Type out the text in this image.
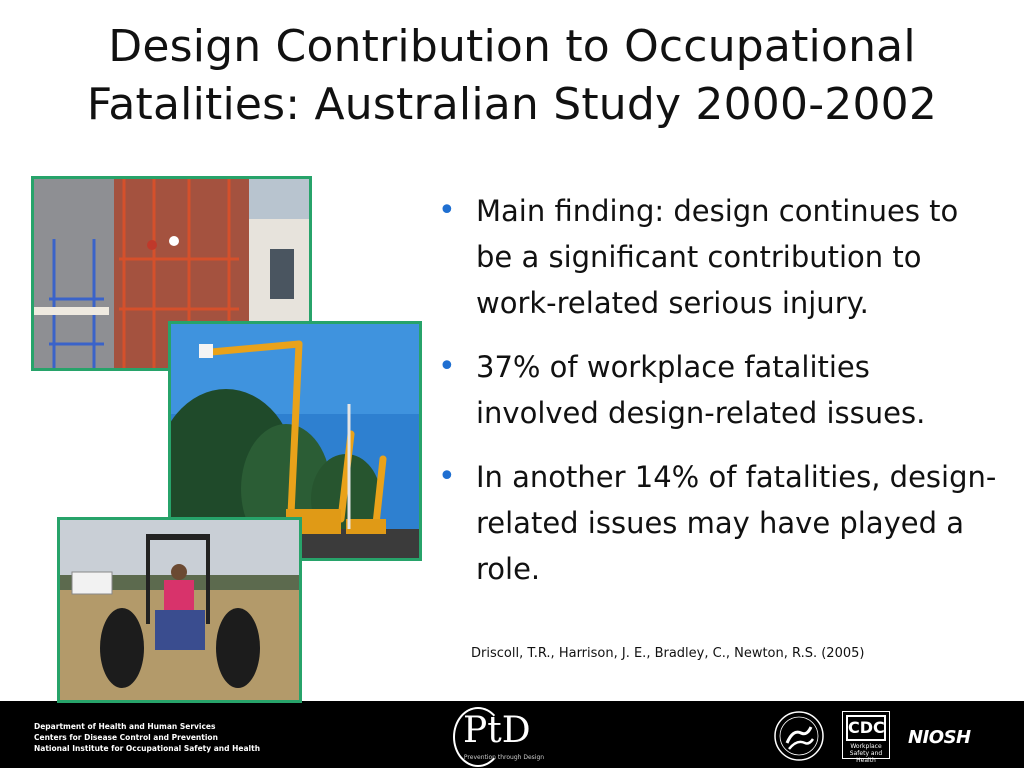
Design Contribution to Occupational
Fatalities: Australian Study 2000-2002
• Main finding: design continues to be a significant contribution to work-related serious injury.
• 37% of workplace fatalities involved design-related issues.
• In another 14% of fatalities, design-related issues may have played a role.
Driscoll, T.R., Harrison, J. E., Bradley, C., Newton, R.S. (2005)
Department of Health and Human Services
Centers for Disease Control and Prevention
National Institute for Occupational Safety and Health	PtD
Prevention through Design
CDC
Workplace
Safety and Health
NIOSH
